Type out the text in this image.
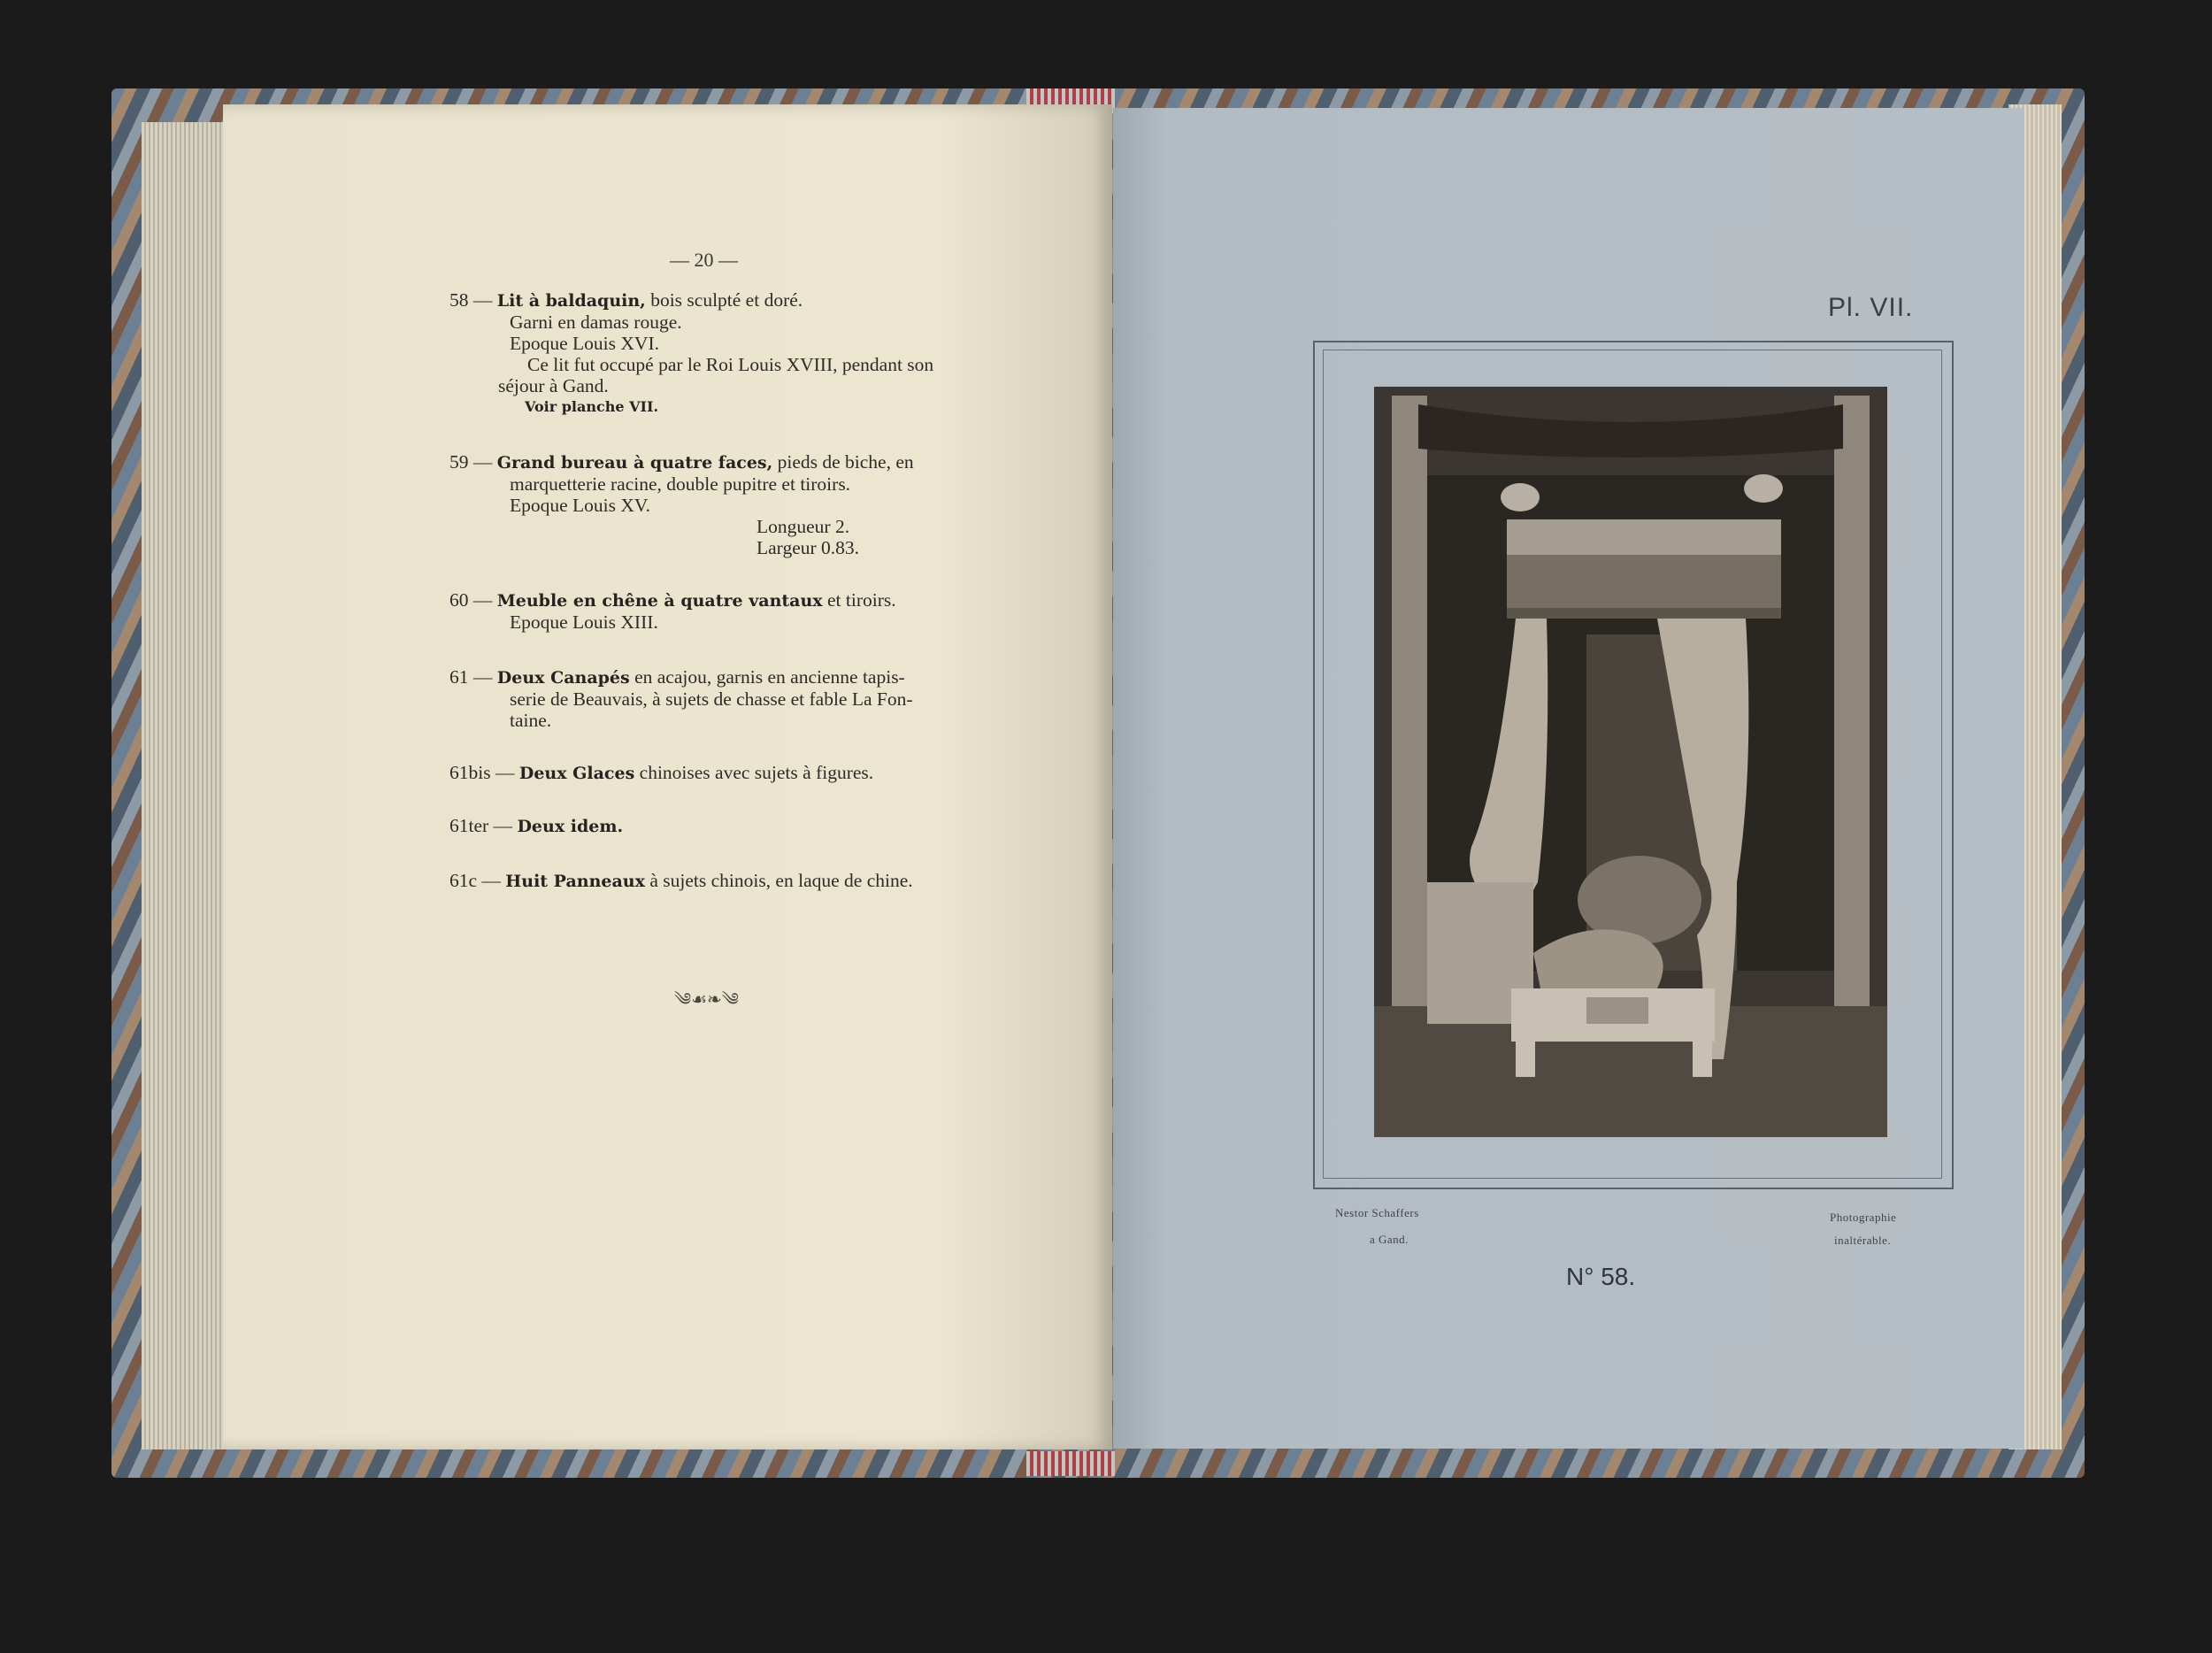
— 20 —
58 — Lit à baldaquin, bois sculpté et doré.
Garni en damas rouge.
Epoque Louis XVI.
Ce lit fut occupé par le Roi Louis XVIII, pendant son
séjour à Gand.
Voir planche VII.
59 — Grand bureau à quatre faces, pieds de biche, en
marquetterie racine, double pupitre et tiroirs.
Epoque Louis XV.
Longueur 2.
Largeur 0.83.
60 — Meuble en chêne à quatre vantaux et tiroirs.
Epoque Louis XIII.
61 — Deux Canapés en acajou, garnis en ancienne tapis-
serie de Beauvais, à sujets de chasse et fable La Fon-
taine.
61bis — Deux Glaces chinoises avec sujets à figures.
61ter — Deux idem.
61c — Huit Panneaux à sujets chinois, en laque de chine.
༄☙❧༄
Pl. VII.
Nestor Schaffers
a Gand.
Photographie
inaltérable.
N° 58.
